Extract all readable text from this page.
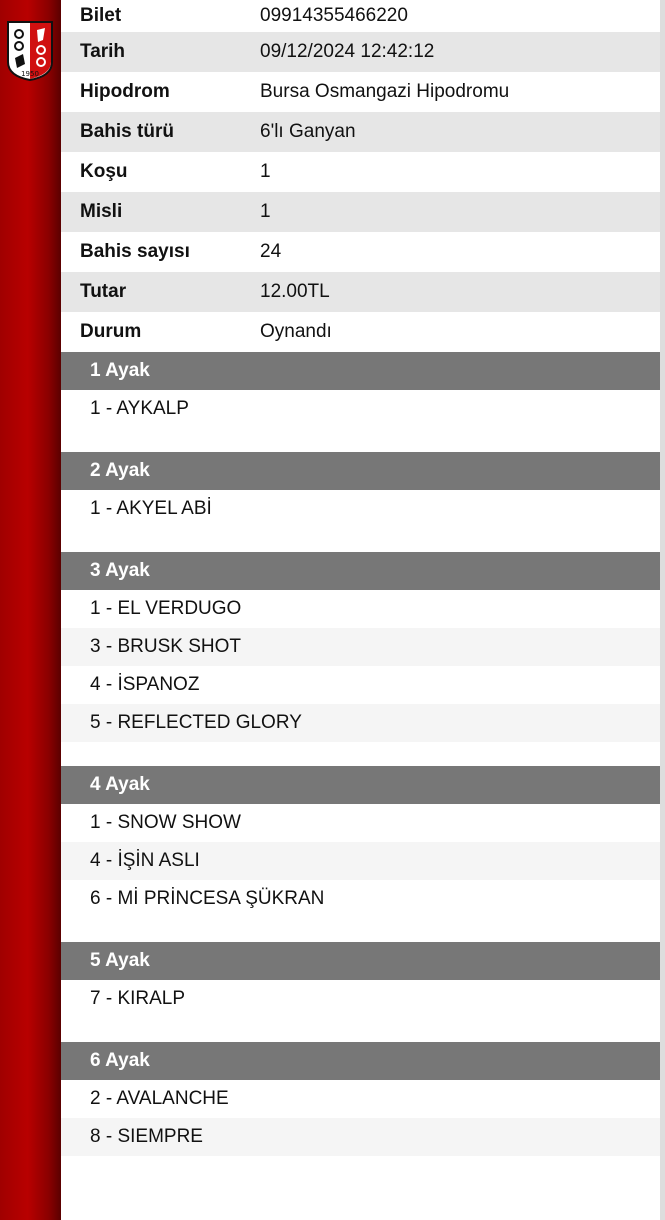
1950
Bilet	09914355466220
Tarih	09/12/2024 12:42:12
Hipodrom	Bursa Osmangazi Hipodromu
Bahis türü	6'lı Ganyan
Koşu	1
Misli	1
Bahis sayısı	24
Tutar	12.00TL
Durum	Oynandı
1 Ayak
1 - AYKALP
2 Ayak
1 - AKYEL ABİ
3 Ayak
1 - EL VERDUGO
3 - BRUSK SHOT
4 - İSPANOZ
5 - REFLECTED GLORY
4 Ayak
1 - SNOW SHOW
4 - İŞİN ASLI
6 - Mİ PRİNCESA ŞÜKRAN
5 Ayak
7 - KIRALP
6 Ayak
2 - AVALANCHE
8 - SIEMPRE
